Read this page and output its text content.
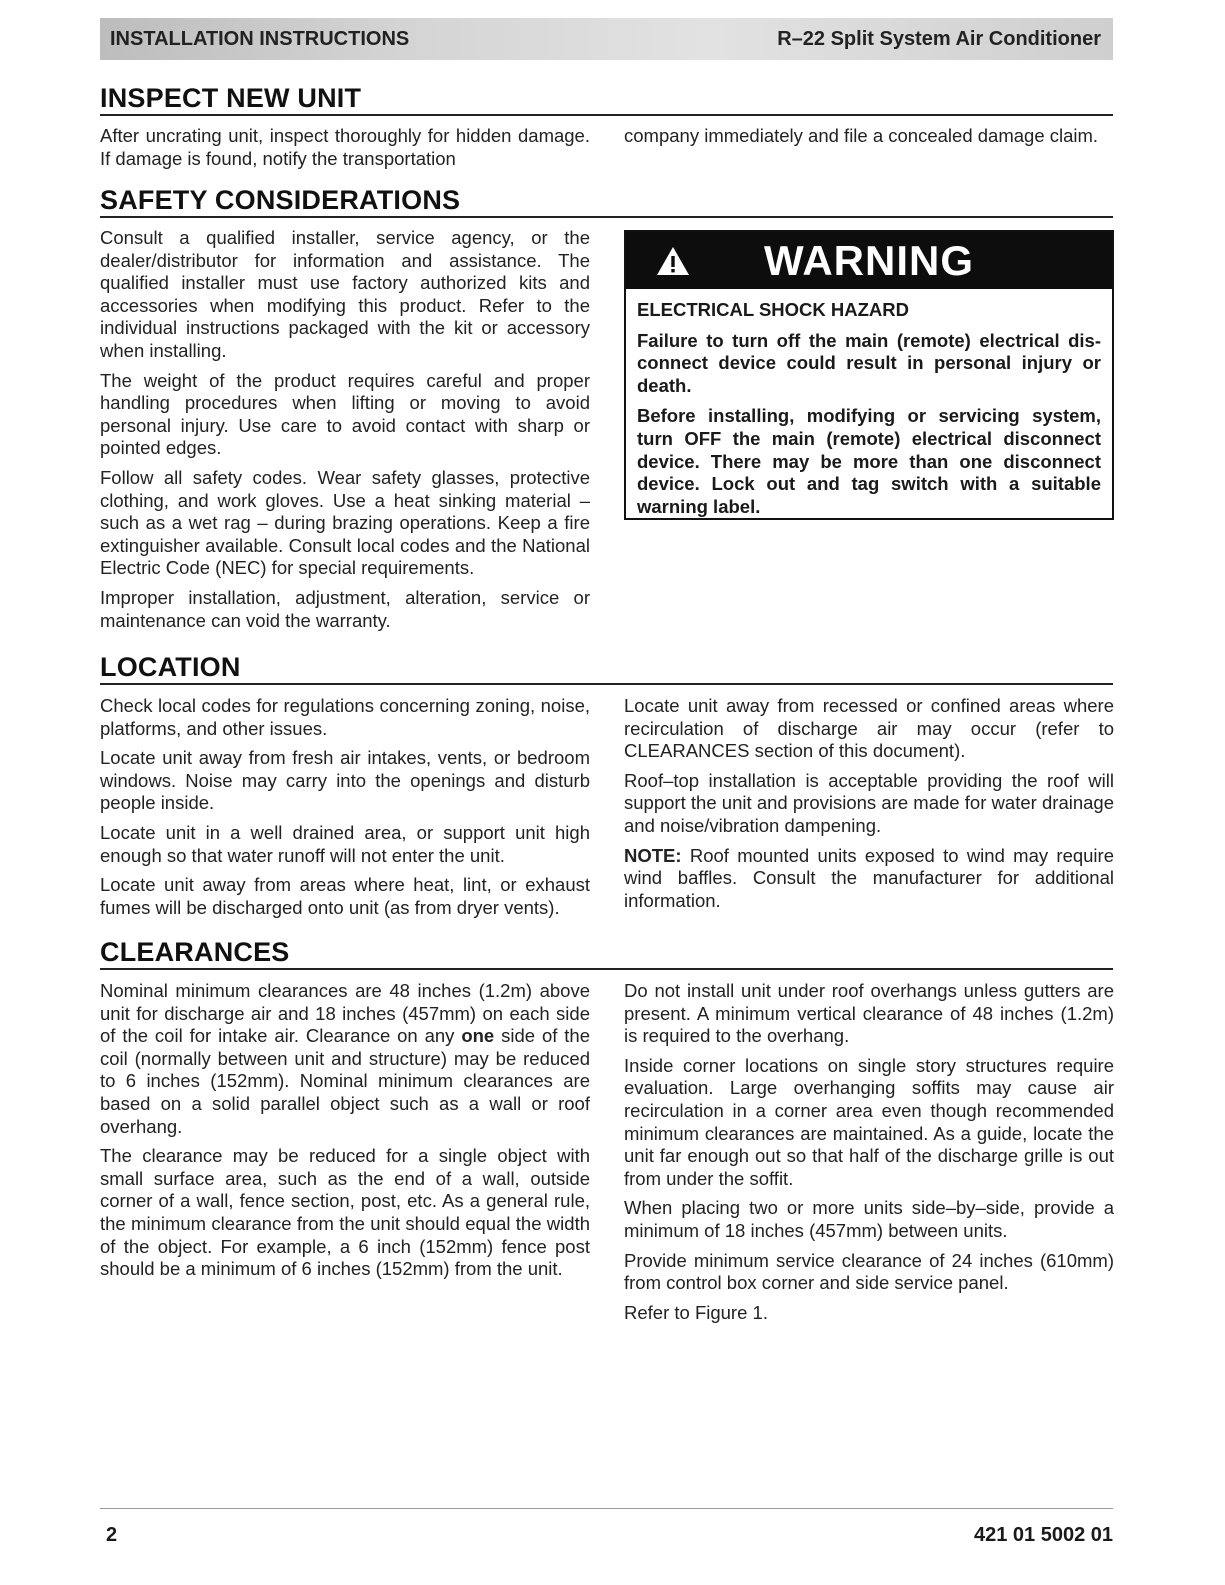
INSTALLATION INSTRUCTIONS	R–22 Split System Air Conditioner
INSPECT NEW UNIT

After uncrating unit, inspect thoroughly for hidden damage. If damage is found, notify the transportation

company immediately and file a concealed damage claim.

SAFETY CONSIDERATIONS

Consult a qualified installer, service agency, or the dealer/distributor for information and assistance. The qualified installer must use factory authorized kits and accessories when modifying this product. Refer to the individual instructions packaged with the kit or accessory when installing.

The weight of the product requires careful and proper handling procedures when lifting or moving to avoid personal injury. Use care to avoid contact with sharp or pointed edges.

Follow all safety codes. Wear safety glasses, protective clothing, and work gloves. Use a heat sinking material – such as a wet rag – during brazing operations. Keep a fire extinguisher available. Consult local codes and the National Electric Code (NEC) for special requirements.

Improper installation, adjustment, alteration, service or maintenance can void the warranty.

WARNING

ELECTRICAL SHOCK HAZARD

Failure to turn off the main (remote) electrical dis- connect device could result in personal injury or death.

Before installing, modifying or servicing system, turn OFF the main (remote) electrical disconnect device. There may be more than one disconnect device. Lock out and tag switch with a suitable warning label.

LOCATION

Check local codes for regulations concerning zoning, noise, platforms, and other issues.

Locate unit away from fresh air intakes, vents, or bedroom windows. Noise may carry into the openings and disturb people inside.

Locate unit in a well drained area, or support unit high enough so that water runoff will not enter the unit.

Locate unit away from areas where heat, lint, or exhaust fumes will be discharged onto unit (as from dryer vents).

Locate unit away from recessed or confined areas where recirculation of discharge air may occur (refer to CLEARANCES section of this document).

Roof–top installation is acceptable providing the roof will support the unit and provisions are made for water drainage and noise/vibration dampening.

NOTE: Roof mounted units exposed to wind may require wind baffles. Consult the manufacturer for additional information.

CLEARANCES

Nominal minimum clearances are 48 inches (1.2m) above unit for discharge air and 18 inches (457mm) on each side of the coil for intake air. Clearance on any one side of the coil (normally between unit and structure) may be reduced to 6 inches (152mm). Nominal minimum clearances are based on a solid parallel object such as a wall or roof overhang.

The clearance may be reduced for a single object with small surface area, such as the end of a wall, outside corner of a wall, fence section, post, etc. As a general rule, the minimum clearance from the unit should equal the width of the object. For example, a 6 inch (152mm) fence post should be a minimum of 6 inches (152mm) from the unit.

Do not install unit under roof overhangs unless gutters are present. A minimum vertical clearance of 48 inches (1.2m) is required to the overhang.

Inside corner locations on single story structures require evaluation. Large overhanging soffits may cause air recirculation in a corner area even though recommended minimum clearances are maintained. As a guide, locate the unit far enough out so that half of the discharge grille is out from under the soffit.

When placing two or more units side–by–side, provide a minimum of 18 inches (457mm) between units.

Provide minimum service clearance of 24 inches (610mm) from control box corner and side service panel.

Refer to Figure 1.

2	421 01 5002 01
